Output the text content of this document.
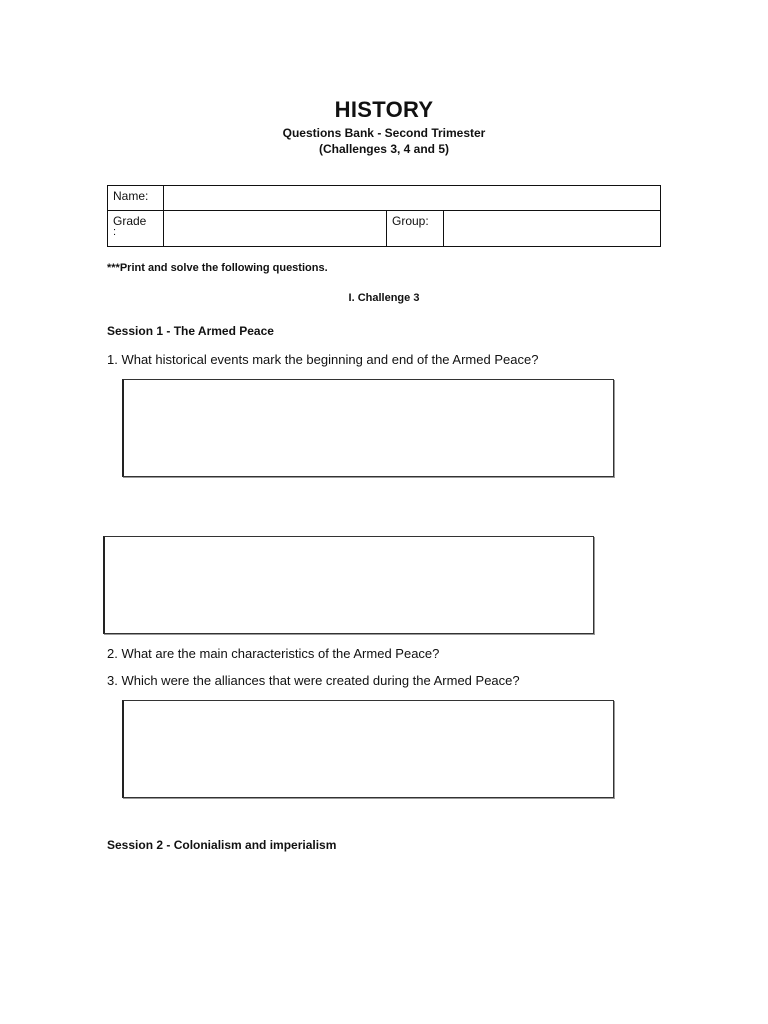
HISTORY
Questions Bank - Second Trimester
(Challenges 3, 4 and 5)
Name:			
Grade
:		Group:	
***Print and solve the following questions.
I. Challenge 3
Session 1 - The Armed Peace
1. What historical events mark the beginning and end of the Armed Peace?
2. What are the main characteristics of the Armed Peace?
3. Which were the alliances that were created during the Armed Peace?
Session 2 - Colonialism and imperialism
